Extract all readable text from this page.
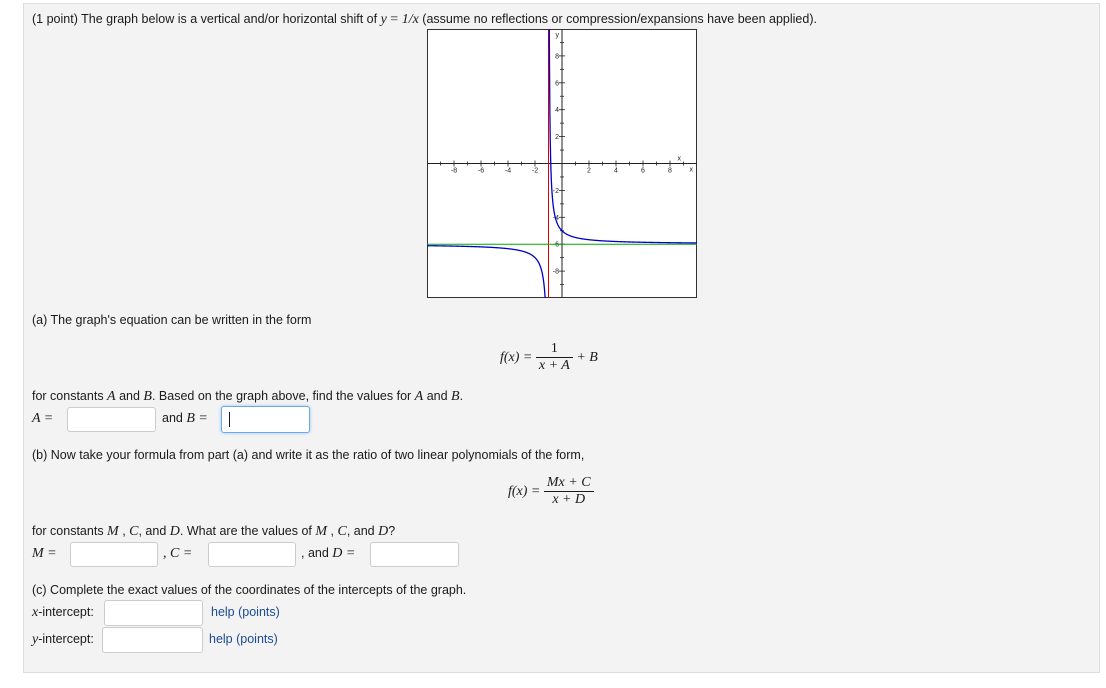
(1 point) The graph below is a vertical and/or horizontal shift of y = 1/x (assume no reflections or compression/expansions have been applied).
-8	-6	-4	-2	2	4	6	8
8
6
4
2
-2
-4
-6
-8
y
x
x
(a) The graph's equation can be written in the form
$f(x) = \frac{1}{x + A} + B$
for constants A and B. Based on the graph above, find the values for A and B.
A =	and B =
(b) Now take your formula from part (a) and write it as the ratio of two linear polynomials of the form,
$f(x) = \frac{Mx + C}{x + D}$
for constants M , C, and D. What are the values of M , C, and D?
M =	, C =	, and D =
(c) Complete the exact values of the coordinates of the intercepts of the graph.
x-intercept:	help (points)
y-intercept:	help (points)
